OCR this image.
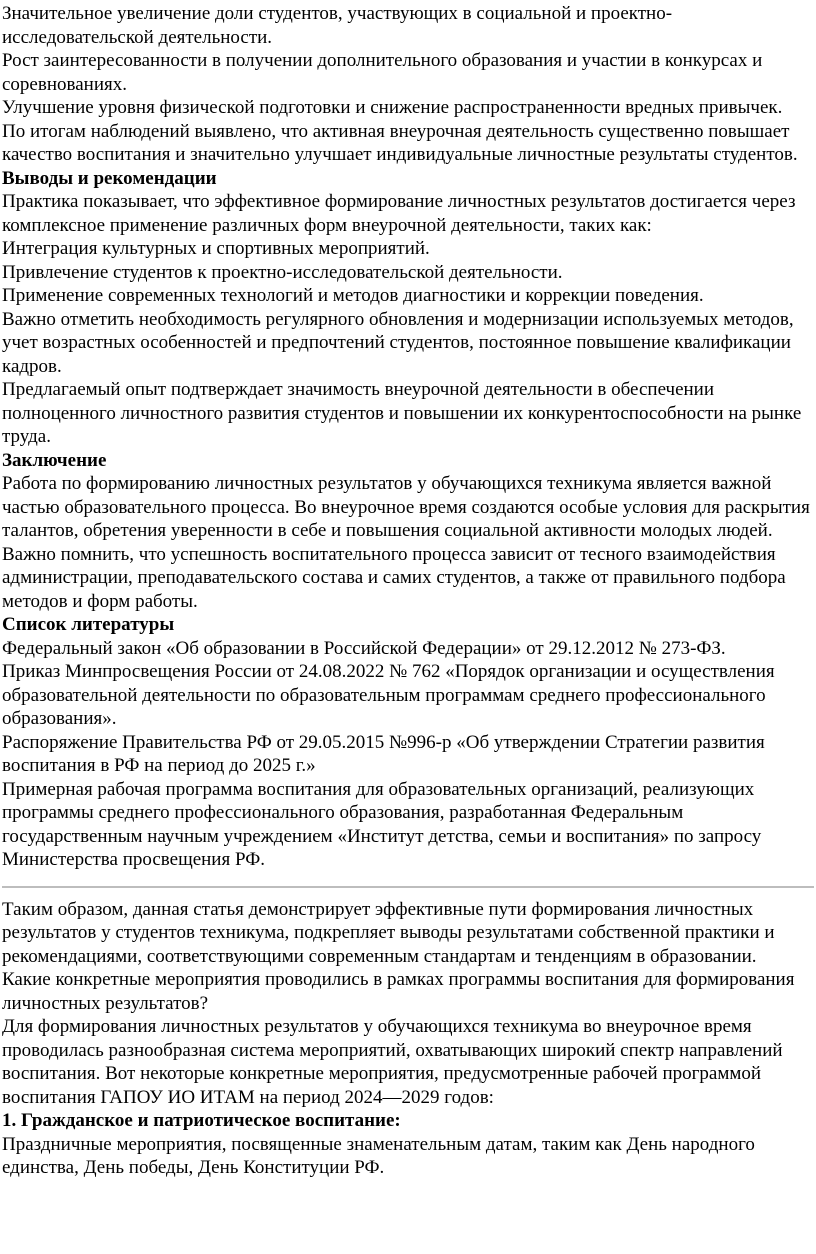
Значительное увеличение доли студентов, участвующих в социальной и проектно-исследовательской деятельности.

Рост заинтересованности в получении дополнительного образования и участии в конкурсах и соревнованиях.

Улучшение уровня физической подготовки и снижение распространенности вредных привычек.

По итогам наблюдений выявлено, что активная внеурочная деятельность существенно повышает качество воспитания и значительно улучшает индивидуальные личностные результаты студентов.

Выводы и рекомендации

Практика показывает, что эффективное формирование личностных результатов достигается через комплексное применение различных форм внеурочной деятельности, таких как:

Интеграция культурных и спортивных мероприятий.

Привлечение студентов к проектно-исследовательской деятельности.

Применение современных технологий и методов диагностики и коррекции поведения.

Важно отметить необходимость регулярного обновления и модернизации используемых методов, учет возрастных особенностей и предпочтений студентов, постоянное повышение квалификации кадров.

Предлагаемый опыт подтверждает значимость внеурочной деятельности в обеспечении полноценного личностного развития студентов и повышении их конкурентоспособности на рынке труда.

Заключение

Работа по формированию личностных результатов у обучающихся техникума является важной частью образовательного процесса. Во внеурочное время создаются особые условия для раскрытия талантов, обретения уверенности в себе и повышения социальной активности молодых людей. Важно помнить, что успешность воспитательного процесса зависит от тесного взаимодействия администрации, преподавательского состава и самих студентов, а также от правильного подбора методов и форм работы.

Список литературы

Федеральный закон «Об образовании в Российской Федерации» от 29.12.2012 № 273-ФЗ.

Приказ Минпросвещения России от 24.08.2022 № 762 «Порядок организации и осуществления образовательной деятельности по образовательным программам среднего профессионального образования».

Распоряжение Правительства РФ от 29.05.2015 №996-р «Об утверждении Стратегии развития воспитания в РФ на период до 2025 г.»

Примерная рабочая программа воспитания для образовательных организаций, реализующих программы среднего профессионального образования, разработанная Федеральным государственным научным учреждением «Институт детства, семьи и воспитания» по запросу Министерства просвещения РФ.

Таким образом, данная статья демонстрирует эффективные пути формирования личностных результатов у студентов техникума, подкрепляет выводы результатами собственной практики и рекомендациями, соответствующими современным стандартам и тенденциям в образовании.

Какие конкретные мероприятия проводились в рамках программы воспитания для формирования личностных результатов?

Для формирования личностных результатов у обучающихся техникума во внеурочное время проводилась разнообразная система мероприятий, охватывающих широкий спектр направлений воспитания. Вот некоторые конкретные мероприятия, предусмотренные рабочей программой воспитания ГАПОУ ИО ИТАМ на период 2024—2029 годов:

1. Гражданское и патриотическое воспитание:

Праздничные мероприятия, посвященные знаменательным датам, таким как День народного единства, День победы, День Конституции РФ.
